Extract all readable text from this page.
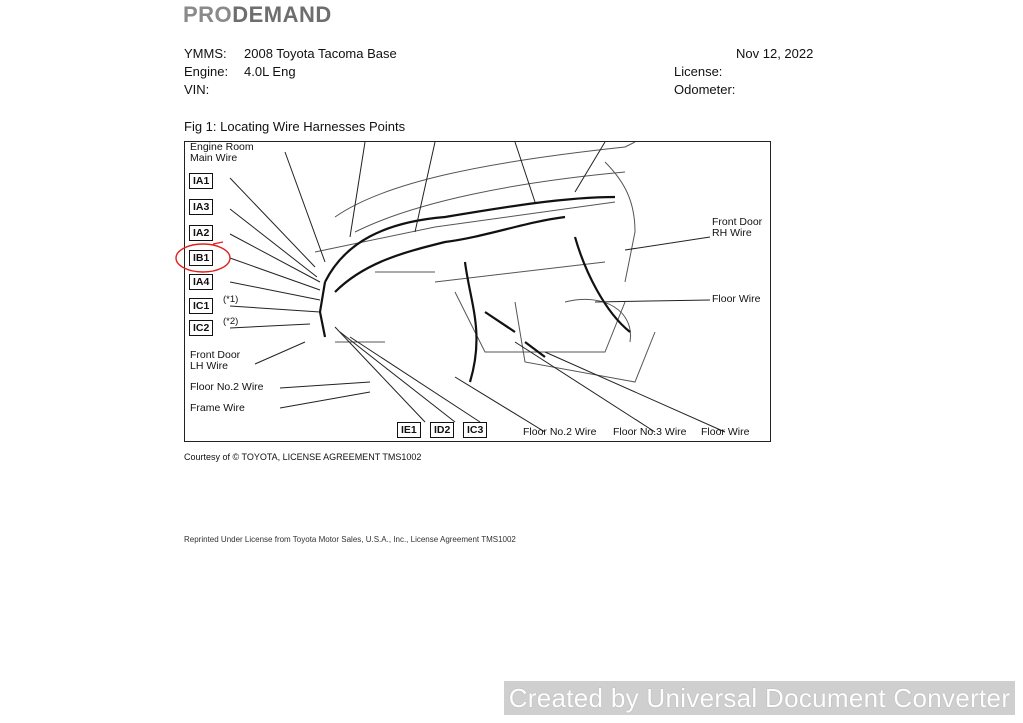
PRODEMAND
YMMS: 2008 Toyota Tacoma Base
Engine: 4.0L Eng
VIN:
Nov 12, 2022
License:
Odometer:
Fig 1: Locating Wire Harnesses Points
Engine Room
Main Wire
IA1
IA3
IA2
IB1
IA4
IC1
(*1)
IC2
(*2)
Front Door
LH Wire
Floor No.2 Wire
Frame Wire
Front Door
RH Wire
Floor Wire
IE1	ID2	IC3	Floor No.2 Wire Floor No.3 Wire Floor Wire
Courtesy of © TOYOTA, LICENSE AGREEMENT TMS1002
Reprinted Under License from Toyota Motor Sales, U.S.A., Inc., License Agreement TMS1002
Created by Universal Document Converter
